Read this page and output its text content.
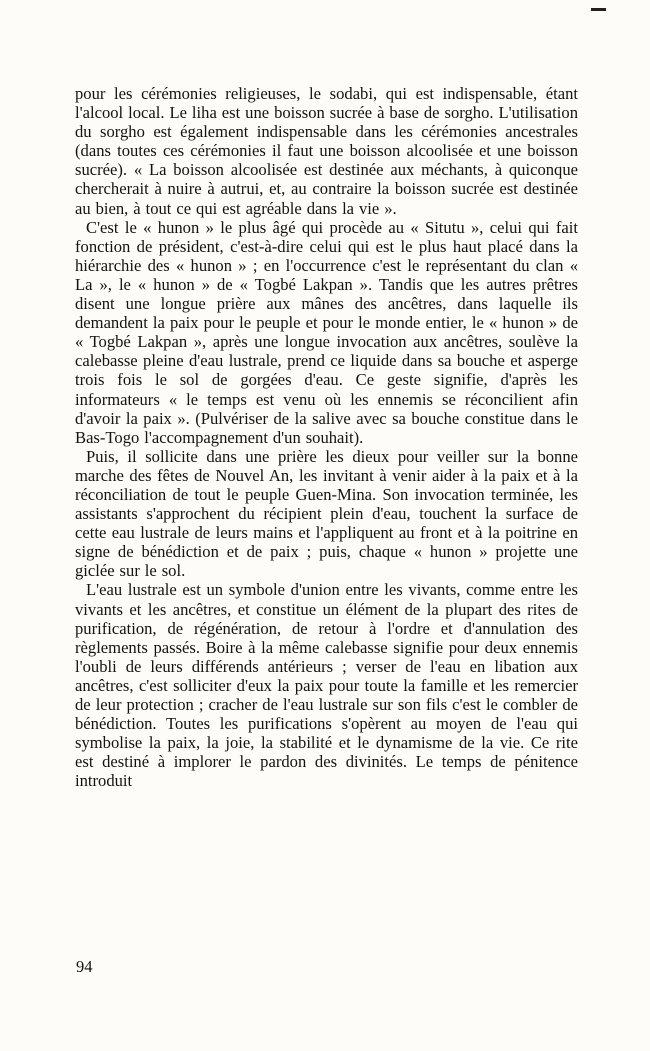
pour les cérémonies religieuses, le sodabi, qui est indispensable, étant l'alcool local. Le liha est une boisson sucrée à base de sorgho. L'utilisation du sorgho est également indispensable dans les cérémonies ancestrales (dans toutes ces cérémonies il faut une boisson alcoolisée et une boisson sucrée). « La boisson alcoolisée est destinée aux méchants, à quiconque chercherait à nuire à autrui, et, au contraire la boisson sucrée est destinée au bien, à tout ce qui est agréable dans la vie ».

C'est le « hunon » le plus âgé qui procède au « Situtu », celui qui fait fonction de président, c'est-à-dire celui qui est le plus haut placé dans la hiérarchie des « hunon » ; en l'occurrence c'est le représentant du clan « La », le « hunon » de « Togbé Lakpan ». Tandis que les autres prêtres disent une longue prière aux mânes des ancêtres, dans laquelle ils demandent la paix pour le peuple et pour le monde entier, le « hunon » de « Togbé Lakpan », après une longue invocation aux ancêtres, soulève la calebasse pleine d'eau lustrale, prend ce liquide dans sa bouche et asperge trois fois le sol de gorgées d'eau. Ce geste signifie, d'après les informateurs « le temps est venu où les ennemis se réconcilient afin d'avoir la paix ». (Pulvériser de la salive avec sa bouche constitue dans le Bas-Togo l'accompagnement d'un souhait).

Puis, il sollicite dans une prière les dieux pour veiller sur la bonne marche des fêtes de Nouvel An, les invitant à venir aider à la paix et à la réconciliation de tout le peuple Guen-Mina. Son invocation terminée, les assistants s'approchent du récipient plein d'eau, touchent la surface de cette eau lustrale de leurs mains et l'appliquent au front et à la poitrine en signe de bénédiction et de paix ; puis, chaque « hunon » projette une giclée sur le sol.

L'eau lustrale est un symbole d'union entre les vivants, comme entre les vivants et les ancêtres, et constitue un élément de la plupart des rites de purification, de régénération, de retour à l'ordre et d'annulation des règlements passés. Boire à la même calebasse signifie pour deux ennemis l'oubli de leurs différends antérieurs ; verser de l'eau en libation aux ancêtres, c'est solliciter d'eux la paix pour toute la famille et les remercier de leur protection ; cracher de l'eau lustrale sur son fils c'est le combler de bénédiction. Toutes les purifications s'opèrent au moyen de l'eau qui symbolise la paix, la joie, la stabilité et le dynamisme de la vie. Ce rite est destiné à implorer le pardon des divinités. Le temps de pénitence introduit

94
